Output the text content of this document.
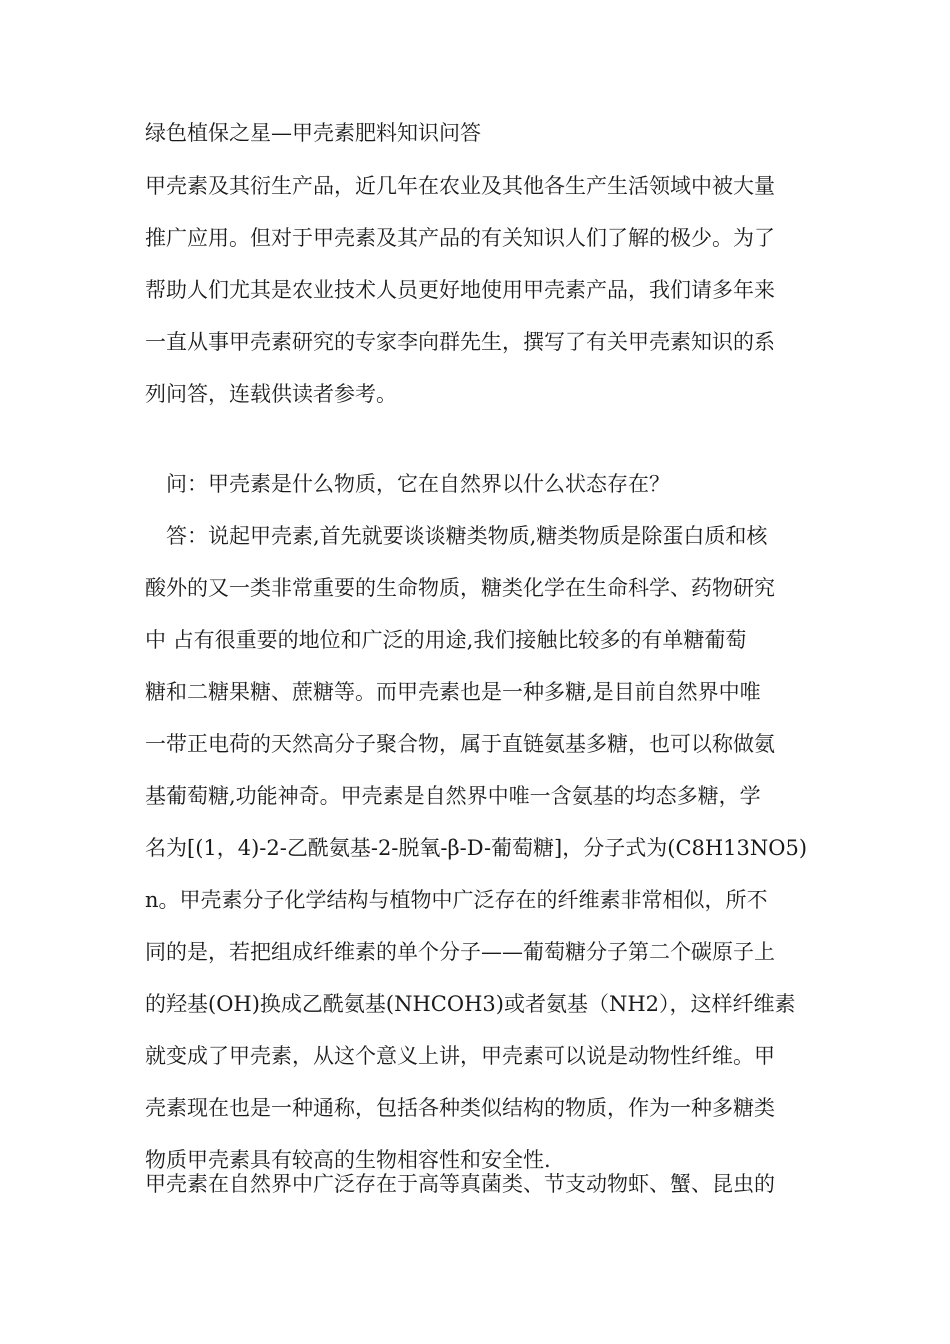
绿色植保之星—甲壳素肥料知识问答
甲壳素及其衍生产品，近几年在农业及其他各生产生活领域中被大量
推广应用。但对于甲壳素及其产品的有关知识人们了解的极少。为了
帮助人们尤其是农业技术人员更好地使用甲壳素产品，我们请多年来
一直从事甲壳素研究的专家李向群先生，撰写了有关甲壳素知识的系
列问答，连载供读者参考。
　问：甲壳素是什么物质，它在自然界以什么状态存在？
　答：说起甲壳素,首先就要谈谈糖类物质,糖类物质是除蛋白质和核
酸外的又一类非常重要的生命物质，糖类化学在生命科学、药物研究
中 占有很重要的地位和广泛的用途,我们接触比较多的有单糖葡萄
糖和二糖果糖、蔗糖等。而甲壳素也是一种多糖,是目前自然界中唯
一带正电荷的天然高分子聚合物，属于直链氨基多糖，也可以称做氨
基葡萄糖,功能神奇。甲壳素是自然界中唯一含氨基的均态多糖，学
名为[(1，4)-2-乙酰氨基-2-脱氧-β-D-葡萄糖]，分子式为(C8H13NO5)
n。甲壳素分子化学结构与植物中广泛存在的纤维素非常相似，所不
同的是，若把组成纤维素的单个分子——葡萄糖分子第二个碳原子上
的羟基(OH)换成乙酰氨基(NHCOH3)或者氨基（NH2），这样纤维素
就变成了甲壳素，从这个意义上讲，甲壳素可以说是动物性纤维。甲
壳素现在也是一种通称，包括各种类似结构的物质，作为一种多糖类
物质甲壳素具有较高的生物相容性和安全性.
甲壳素在自然界中广泛存在于高等真菌类、节支动物虾、蟹、昆虫的
